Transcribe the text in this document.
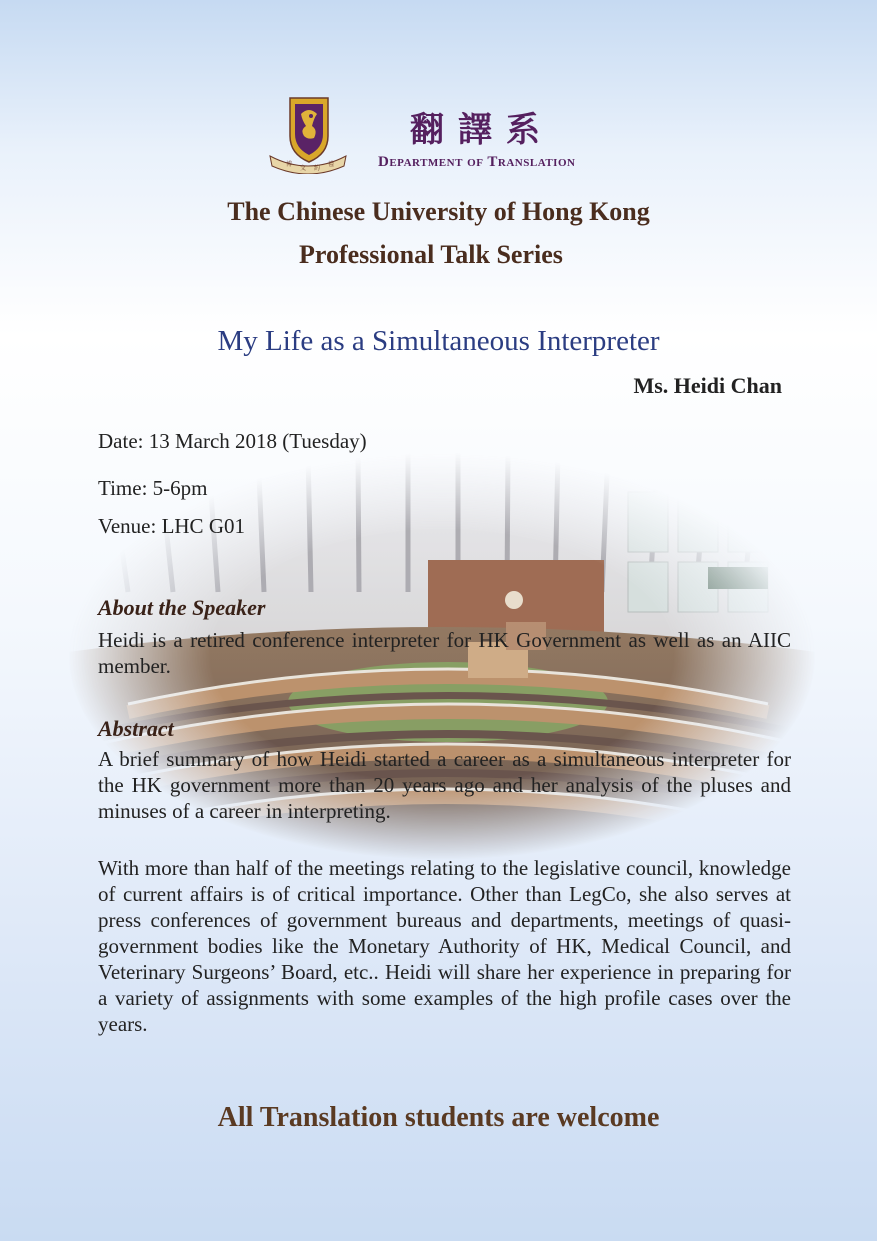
博
文 約
禮
翻譯系
Department of Translation
The Chinese University of Hong Kong
Professional Talk Series
My Life as a Simultaneous Interpreter
Ms. Heidi Chan
Date: 13 March 2018 (Tuesday)
Time: 5-6pm
Venue: LHC G01
About the Speaker

Heidi is a retired conference interpreter for HK Government as well as an AIIC member.

Abstract

A brief summary of how Heidi started a career as a simultaneous interpreter for the HK government more than 20 years ago and her analysis of the pluses and minuses of a career in interpreting.

With more than half of the meetings relating to the legislative council, knowledge of current affairs is of critical importance. Other than LegCo, she also serves at press conferences of government bureaus and departments, meetings of quasi-government bodies like the Monetary Authority of HK, Medical Council, and Veterinary Surgeons’ Board, etc.. Heidi will share her experience in preparing for a variety of assignments with some examples of the high profile cases over the years.

All Translation students are welcome
